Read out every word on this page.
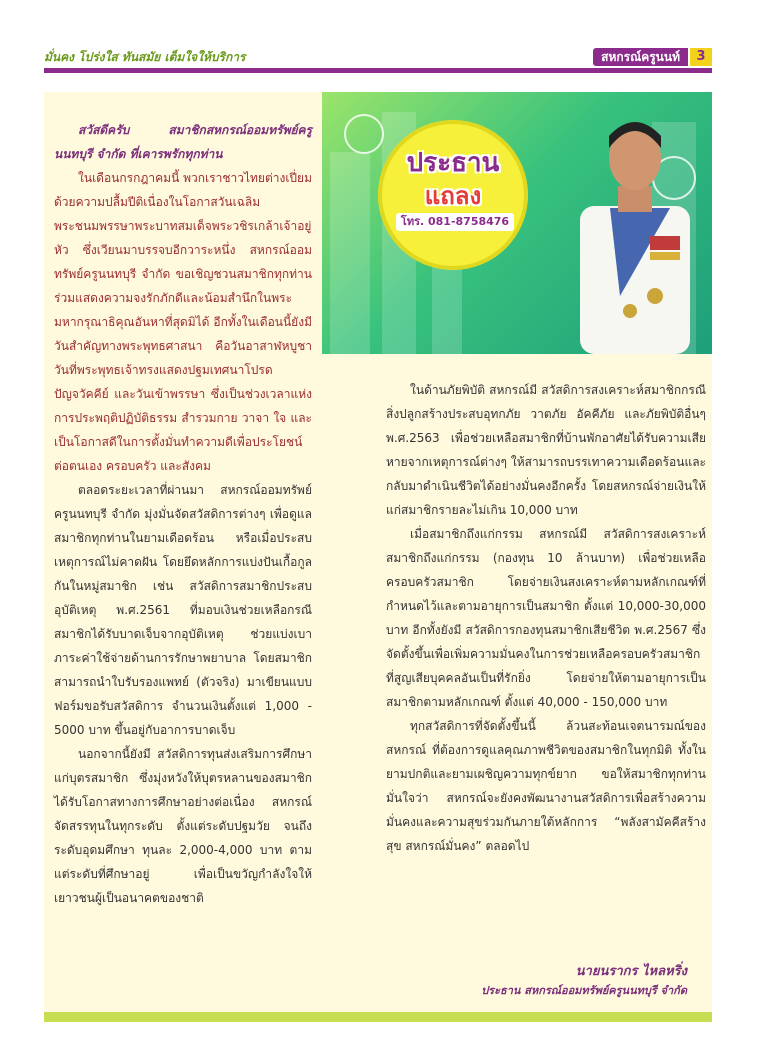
มั่นคง โปร่งใส ทันสมัย เต็มใจให้บริการ	สหกรณ์ครูนนท์	3
ประธาน
แถลง
โทร. 081-8758476

สวัสดีครับ สมาชิกสหกรณ์ออมทรัพย์ครู นนทบุรี จำกัด ที่เคารพรักทุกท่าน

ในเดือนกรกฎาคมนี้ พวกเราชาวไทยต่างเปี่ยมด้วยความปลื้มปีติเนื่องในโอกาสวันเฉลิมพระชนมพรรษาพระบาทสมเด็จพระวชิรเกล้าเจ้าอยู่หัว ซึ่งเวียนมาบรรจบอีกวาระหนึ่ง สหกรณ์ออมทรัพย์ครูนนทบุรี จำกัด ขอเชิญชวนสมาชิกทุกท่านร่วมแสดงความจงรักภักดีและน้อมสำนึกในพระมหากรุณาธิคุณอันหาที่สุดมิได้ อีกทั้งในเดือนนี้ยังมีวันสำคัญทางพระพุทธศาสนา คือวันอาสาฬหบูชา วันที่พระพุทธเจ้าทรงแสดงปฐมเทศนาโปรดปัญจวัคคีย์ และวันเข้าพรรษา ซึ่งเป็นช่วงเวลาแห่งการประพฤติปฏิบัติธรรม สำรวมกาย วาจา ใจ และเป็นโอกาสดีในการตั้งมั่นทำความดีเพื่อประโยชน์ต่อตนเอง ครอบครัว และสังคม

ตลอดระยะเวลาที่ผ่านมา สหกรณ์ออมทรัพย์ครูนนทบุรี จำกัด มุ่งมั่นจัดสวัสดิการต่างๆ เพื่อดูแลสมาชิกทุกท่านในยามเดือดร้อน หรือเมื่อประสบเหตุการณ์ไม่คาดฝัน โดยยึดหลักการแบ่งปันเกื้อกูลกันในหมู่สมาชิก เช่น สวัสดิการสมาชิกประสบอุบัติเหตุ พ.ศ.2561 ที่มอบเงินช่วยเหลือกรณีสมาชิกได้รับบาดเจ็บจากอุบัติเหตุ ช่วยแบ่งเบาภาระค่าใช้จ่ายด้านการรักษาพยาบาล โดยสมาชิกสามารถนำใบรับรองแพทย์ (ตัวจริง) มาเขียนแบบฟอร์มขอรับสวัสดิการ จำนวนเงินตั้งแต่ 1,000 - 5000 บาท ขึ้นอยู่กับอาการบาดเจ็บ

นอกจากนี้ยังมี สวัสดิการทุนส่งเสริมการศึกษาแก่บุตรสมาชิก ซึ่งมุ่งหวังให้บุตรหลานของสมาชิกได้รับโอกาสทางการศึกษาอย่างต่อเนื่อง สหกรณ์จัดสรรทุนในทุกระดับ ตั้งแต่ระดับปฐมวัย จนถึงระดับอุดมศึกษา ทุนละ 2,000-4,000 บาท ตามแต่ระดับที่ศึกษาอยู่ เพื่อเป็นขวัญกำลังใจให้เยาวชนผู้เป็นอนาคตของชาติ

ในด้านภัยพิบัติ สหกรณ์มี สวัสดิการสงเคราะห์สมาชิกกรณีสิ่งปลูกสร้างประสบอุทกภัย วาตภัย อัคคีภัย และภัยพิบัติอื่นๆ พ.ศ.2563 เพื่อช่วยเหลือสมาชิกที่บ้านพักอาศัยได้รับความเสียหายจากเหตุการณ์ต่างๆ ให้สามารถบรรเทาความเดือดร้อนและกลับมาดำเนินชีวิตได้อย่างมั่นคงอีกครั้ง โดยสหกรณ์จ่ายเงินให้แก่สมาชิกรายละไม่เกิน 10,000 บาท

เมื่อสมาชิกถึงแก่กรรม สหกรณ์มี สวัสดิการสงเคราะห์สมาชิกถึงแก่กรรม (กองทุน 10 ล้านบาท) เพื่อช่วยเหลือครอบครัวสมาชิก โดยจ่ายเงินสงเคราะห์ตามหลักเกณฑ์ที่กำหนดไว้และตามอายุการเป็นสมาชิก ตั้งแต่ 10,000-30,000 บาท อีกทั้งยังมี สวัสดิการกองทุนสมาชิกเสียชีวิต พ.ศ.2567 ซึ่งจัดตั้งขึ้นเพื่อเพิ่มความมั่นคงในการช่วยเหลือครอบครัวสมาชิกที่สูญเสียบุคคลอันเป็นที่รักยิ่ง โดยจ่ายให้ตามอายุการเป็นสมาชิกตามหลักเกณฑ์ ตั้งแต่ 40,000 - 150,000 บาท

ทุกสวัสดิการที่จัดตั้งขึ้นนี้ ล้วนสะท้อนเจตนารมณ์ของสหกรณ์ ที่ต้องการดูแลคุณภาพชีวิตของสมาชิกในทุกมิติ ทั้งในยามปกติและยามเผชิญความทุกข์ยาก ขอให้สมาชิกทุกท่านมั่นใจว่า สหกรณ์จะยังคงพัฒนางานสวัสดิการเพื่อสร้างความมั่นคงและความสุขร่วมกันภายใต้หลักการ “พลังสามัคคีสร้างสุข สหกรณ์มั่นคง” ตลอดไป

นายนรากร ไหลหริ่ง
ประธาน สหกรณ์ออมทรัพย์ครูนนทบุรี จำกัด
